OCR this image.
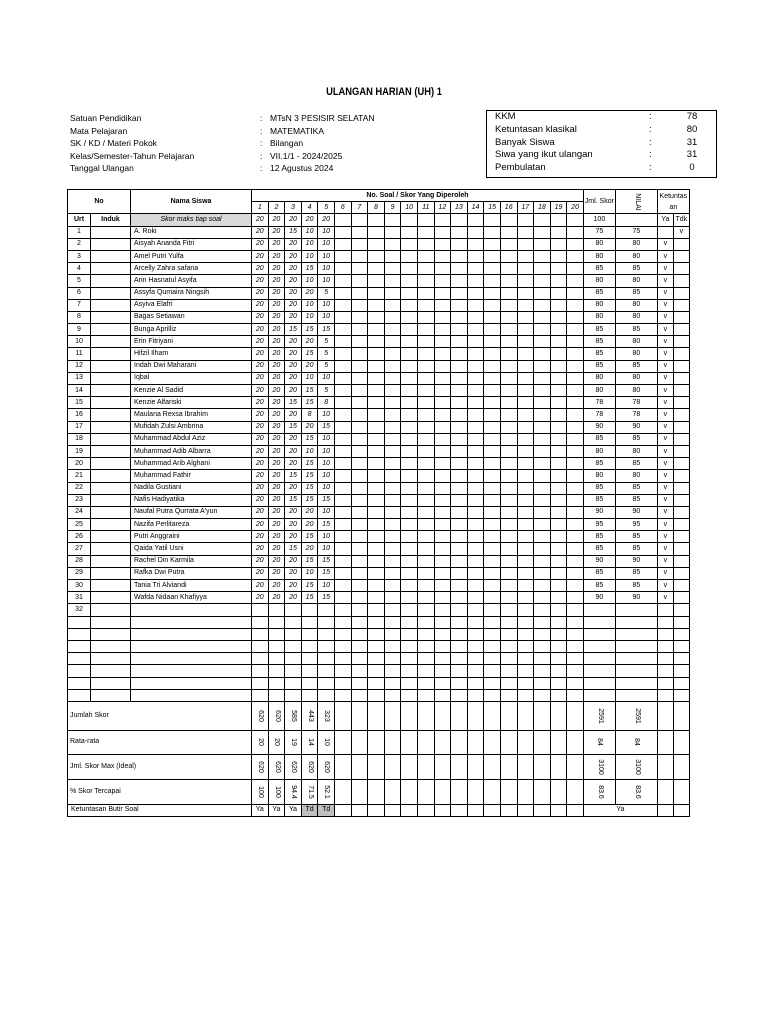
ULANGAN HARIAN (UH) 1
Satuan Pendidikan	: MTsN 3 PESISIR SELATAN
Mata Pelajaran	: MATEMATIKA
SK / KD / Materi Pokok	: Bilangan
Kelas/Semester-Tahun Pelajaran	: VII.1/1 - 2024/2025
Tanggal Ulangan	: 12 Agustus 2024
KKM	:	78
Ketuntasan klasikal	:	80
Banyak Siswa	:	31
Siwa yang ikut ulangan	:	31
Pembulatan	:	0
No		Nama Siswa	No. Soal / Skor Yang Diperoleh																				Jml. Skor	NILAI	Ketuntasan	
			1	2	3	4	5	6	7	8	9	10	11	12	13	14	15	16	17	18	19	20				
Urt	Induk	Skor maks tiap soal	20	20	20	20	20																100		Ya	Tdk
1		A. Roki	20	20	15	10	10																75	75		v
2		Aisyah Ananda Fitri	20	20	20	10	10																80	80	v	
3		Amel Putri Yulfa	20	20	20	10	10																80	80	v	
4		Arcelly Zahra safana	20	20	20	15	10																85	85	v	
5		Arin Hasnatul Asyifa	20	20	20	10	10																80	80	v	
6		Assyfa Qumaira Ningsih	20	20	20	20	5																85	85	v	
7		Asyiva Elafri	20	20	20	10	10																80	80	v	
8		Bagas Setiawan	20	20	20	10	10																80	80	v	
9		Bunga Aprilliz	20	20	15	15	15																85	85	v	
10		Erin Fitriyani	20	20	20	20	5																85	80	v	
11		Hifzil Ilham	20	20	20	15	5																85	80	v	
12		Indah Dwi Maharani	20	20	20	20	5																85	85	v	
13		Iqbal	20	20	20	10	10																80	80	v	
14		Kenzie Al Sadid	20	20	20	15	5																80	80	v	
15		Kenzie Alfariski	20	20	15	15	8																78	78	v	
16		Maulana Rexsa Ibrahim	20	20	20	8	10																78	78	v	
17		Mufidah Zulsi Ambrina	20	20	15	20	15																90	90	v	
18		Muhammad Abdul Aziz	20	20	20	15	10																85	85	v	
19		Muhammad Adib Albarra	20	20	20	10	10																80	80	v	
20		Muhammad Arib Alghani	20	20	20	15	10																85	85	v	
21		Muhammad Fathir	20	20	15	15	10																80	80	v	
22		Nadila Gustiani	20	20	20	15	10																85	85	v	
23		Nafis Hadiyatika	20	20	15	15	15																85	85	v	
24		Naufal Putra Qurrata A'yun	20	20	20	20	10																90	90	v	
25		Nazifa Perlitareza	20	20	20	20	15																95	95	v	
26		Putri Anggraini	20	20	20	15	10																85	85	v	
27		Qaida Yatil Usni	20	20	15	20	10																85	85	v	
28		Rachel Din Karmila	20	20	20	15	15																90	90	v	
29		Rafka Dwi Putra	20	20	20	10	15																85	85	v	
30		Tania Tri Alviandi	20	20	20	15	10																85	85	v	
31		Wafda Nidaan Khafiyya	20	20	20	15	15																90	90	v	
32																										

Jumlah Skor			620	620	585	443	323																2591	2591		
Rata-rata			20	20	19	14	10																84	84		
Jml. Skor Max (Ideal)			620	620	620	620	620																3100	3100		
% Skor Tercapai			100	100	94.4	71.5	52.1																83.6	83.6		
Ketuntasan Butir Soal			Ya	Ya	Ya	Td	Td																Ya			
